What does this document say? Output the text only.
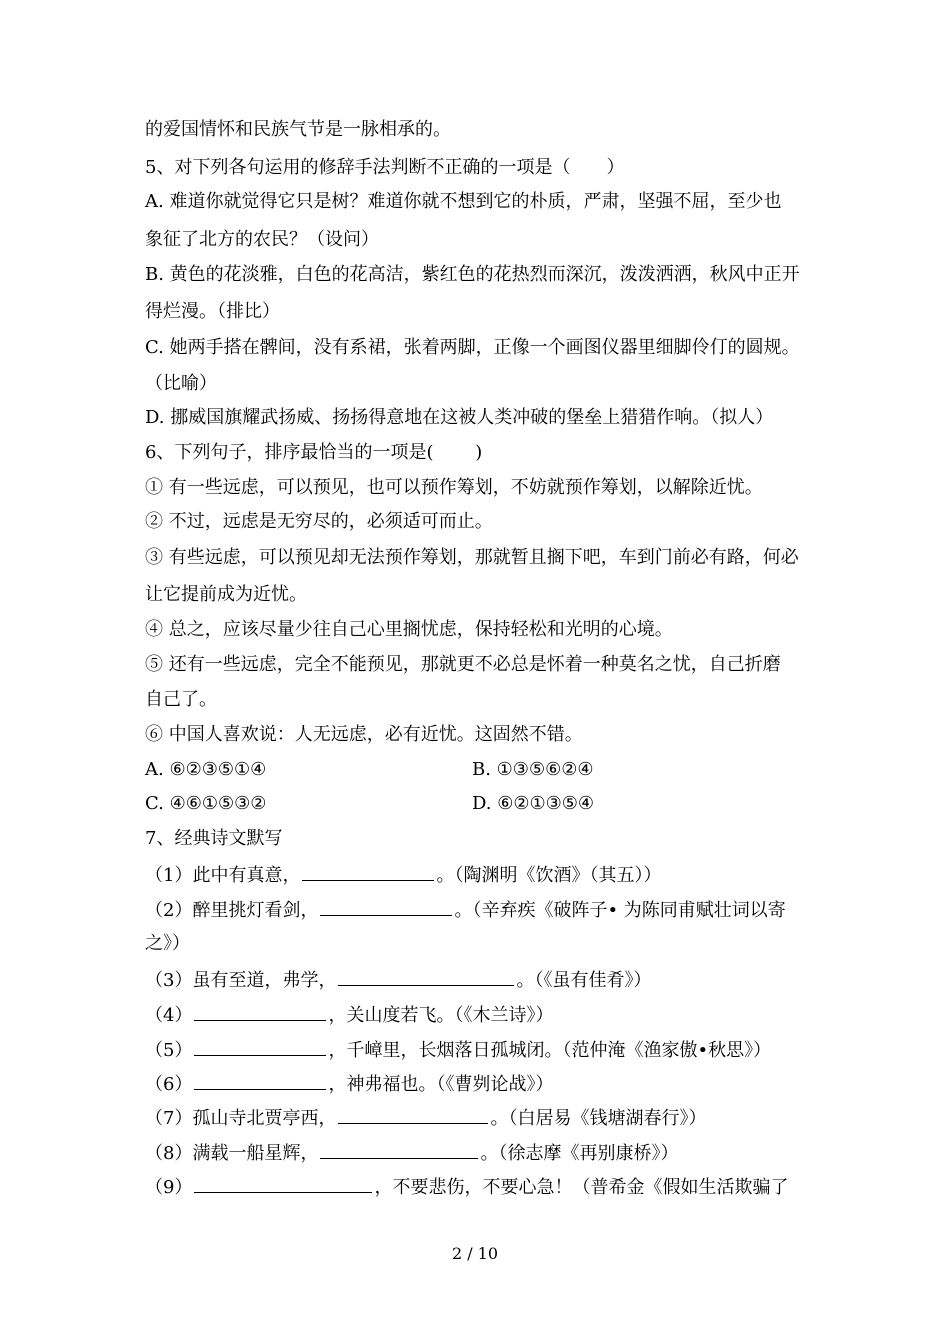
的爱国情怀和民族气节是一脉相承的。
5、对下列各句运用的修辞手法判断不正确的一项是（　　）
A. 难道你就觉得它只是树？难道你就不想到它的朴质，严肃，坚强不屈，至少也
象征了北方的农民？（设问）
B. 黄色的花淡雅，白色的花高洁，紫红色的花热烈而深沉，泼泼洒洒，秋风中正开
得烂漫。（排比）
C. 她两手搭在髀间，没有系裙，张着两脚，正像一个画图仪器里细脚伶仃的圆规。
（比喻）
D. 挪威国旗耀武扬威、扬扬得意地在这被人类冲破的堡垒上猎猎作响。（拟人）
6、下列句子，排序最恰当的一项是(　　 )
① 有一些远虑，可以预见，也可以预作筹划，不妨就预作筹划，以解除近忧。
② 不过，远虑是无穷尽的，必须适可而止。
③ 有些远虑，可以预见却无法预作筹划，那就暂且搁下吧，车到门前必有路，何必
让它提前成为近忧。
④ 总之，应该尽量少往自己心里搁忧虑，保持轻松和光明的心境。
⑤ 还有一些远虑，完全不能预见，那就更不必总是怀着一种莫名之忧，自己折磨
自己了。
⑥ 中国人喜欢说：人无远虑，必有近忧。这固然不错。
A. ⑥②③⑤①④	B. ①③⑤⑥②④
C. ④⑥①⑤③②	D. ⑥②①③⑤④
7、经典诗文默写
（1）此中有真意，	。（陶渊明《饮酒》（其五））
（2）醉里挑灯看剑，	。（辛弃疾《破阵子• 为陈同甫赋壮词以寄
之》）
（3）虽有至道，弗学，	。（《虽有佳肴》）
（4）	，关山度若飞。（《木兰诗》）
（5）	，千嶂里，长烟落日孤城闭。（范仲淹《渔家傲•秋思》）
（6）	，神弗福也。（《曹刿论战》）
（7）孤山寺北贾亭西，	。（白居易《钱塘湖春行》）
（8）满载一船星辉，	。（徐志摩《再别康桥》）
（9）	，不要悲伤，不要心急！（普希金《假如生活欺骗了
2 / 10
